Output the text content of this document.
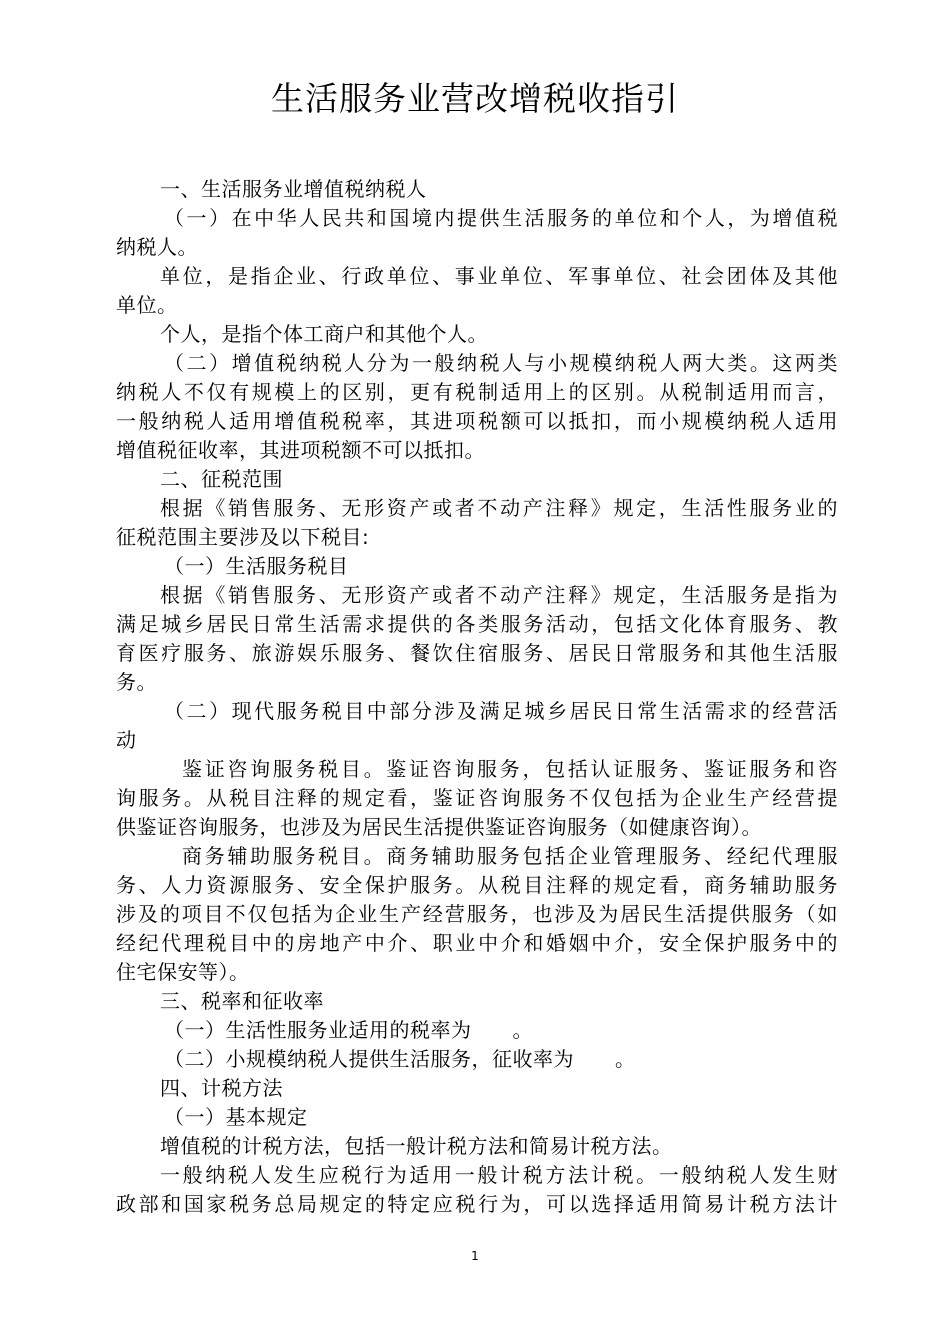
生活服务业营改增税收指引
一、生活服务业增值税纳税人
（一）在中华人民共和国境内提供生活服务的单位和个人，为增值税
纳税人。
单位，是指企业、行政单位、事业单位、军事单位、社会团体及其他
单位。
个人，是指个体工商户和其他个人。
（二）增值税纳税人分为一般纳税人与小规模纳税人两大类。这两类
纳税人不仅有规模上的区别，更有税制适用上的区别。从税制适用而言，
一般纳税人适用增值税税率，其进项税额可以抵扣，而小规模纳税人适用
增值税征收率，其进项税额不可以抵扣。
二、征税范围
根据《销售服务、无形资产或者不动产注释》规定，生活性服务业的
征税范围主要涉及以下税目:
（一）生活服务税目
根据《销售服务、无形资产或者不动产注释》规定，生活服务是指为
满足城乡居民日常生活需求提供的各类服务活动，包括文化体育服务、教
育医疗服务、旅游娱乐服务、餐饮住宿服务、居民日常服务和其他生活服
务。
（二）现代服务税目中部分涉及满足城乡居民日常生活需求的经营活
动
鉴证咨询服务税目。鉴证咨询服务，包括认证服务、鉴证服务和咨
询服务。从税目注释的规定看，鉴证咨询服务不仅包括为企业生产经营提
供鉴证咨询服务，也涉及为居民生活提供鉴证咨询服务（如健康咨询）。
商务辅助服务税目。商务辅助服务包括企业管理服务、经纪代理服
务、人力资源服务、安全保护服务。从税目注释的规定看，商务辅助服务
涉及的项目不仅包括为企业生产经营服务，也涉及为居民生活提供服务（如
经纪代理税目中的房地产中介、职业中介和婚姻中介，安全保护服务中的
住宅保安等）。
三、税率和征收率
（一）生活性服务业适用的税率为　　。
（二）小规模纳税人提供生活服务，征收率为　　。
四、计税方法
（一）基本规定
增值税的计税方法，包括一般计税方法和简易计税方法。
一般纳税人发生应税行为适用一般计税方法计税。一般纳税人发生财
政部和国家税务总局规定的特定应税行为，可以选择适用简易计税方法计
1
